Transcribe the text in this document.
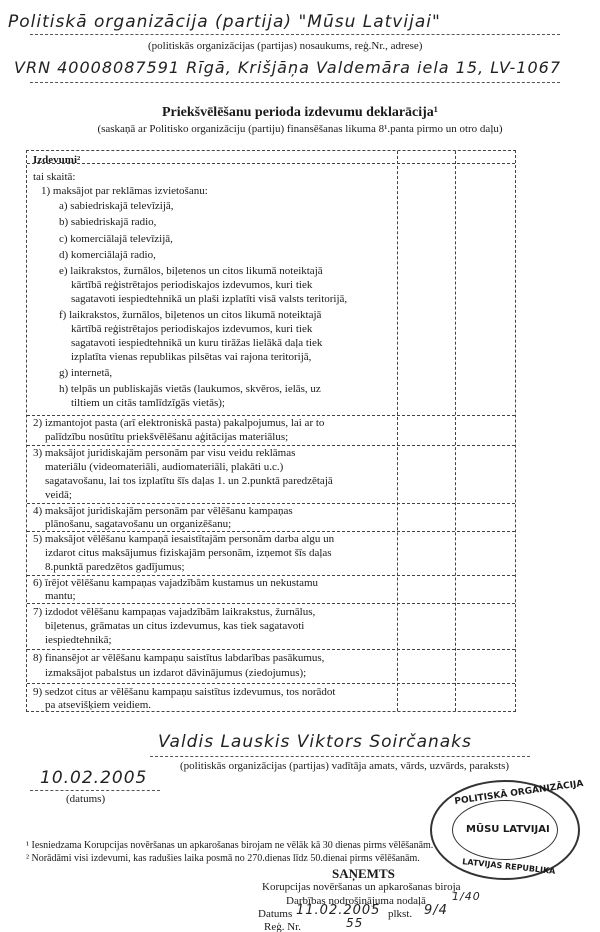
Politiskā organizācija (partija) "Mūsu Latvijai"
(politiskās organizācijas (partijas) nosaukums, reģ.Nr., adrese)
VRN 40008087591 Rīgā, Krišjāņa Valdemāra iela 15, LV-1067
Priekšvēlēšanu perioda izdevumu deklarācija¹
(saskaņā ar Politisko organizāciju (partiju) finansēšanas likuma 8¹.panta pirmo un otro daļu)
Izdevumi²
tai skaitā:
1) maksājot par reklāmas izvietošanu:
a) sabiedriskajā televīzijā,
b) sabiedriskajā radio,
c) komerciālajā televīzijā,
d) komerciālajā radio,
e) laikrakstos, žurnālos, biļetenos un citos likumā noteiktajā
kārtībā reģistrētajos periodiskajos izdevumos, kuri tiek
sagatavoti iespiedtehnikā un plaši izplatīti visā valsts teritorijā,
f) laikrakstos, žurnālos, biļetenos un citos likumā noteiktajā
kārtībā reģistrētajos periodiskajos izdevumos, kuri tiek
sagatavoti iespiedtehnikā un kuru tirāžas lielākā daļa tiek
izplatīta vienas republikas pilsētas vai rajona teritorijā,
g) internetā,
h) telpās un publiskajās vietās (laukumos, skvēros, ielās, uz
tiltiem un citās tamlīdzīgās vietās);
2) izmantojot pasta (arī elektroniskā pasta) pakalpojumus, lai ar to
palīdzību nosūtītu priekšvēlēšanu aģitācijas materiālus;
3) maksājot juridiskajām personām par visu veidu reklāmas
materiālu (videomateriāli, audiomateriāli, plakāti u.c.)
sagatavošanu, lai tos izplatītu šīs daļas 1. un 2.punktā paredzētajā
veidā;
4) maksājot juridiskajām personām par vēlēšanu kampaņas
plānošanu, sagatavošanu un organizēšanu;
5) maksājot vēlēšanu kampaņā iesaistītajām personām darba algu un
izdarot citus maksājumus fiziskajām personām, izņemot šīs daļas
8.punktā paredzētos gadījumus;
6) īrējot vēlēšanu kampaņas vajadzībām kustamus un nekustamu
mantu;
7) izdodot vēlēšanu kampaņas vajadzībām laikrakstus, žurnālus,
biļetenus, grāmatas un citus izdevumus, kas tiek sagatavoti
iespiedtehnikā;
8) finansējot ar vēlēšanu kampaņu saistītus labdarības pasākumus,
izmaksājot pabalstus un izdarot dāvinājumus (ziedojumus);
9) sedzot citus ar vēlēšanu kampaņu saistītus izdevumus, tos norādot
pa atsevišķiem veidiem.
Valdis Lauskis Viktors Soirčanaks
(politiskās organizācijas (partijas) vadītāja amats, vārds, uzvārds, paraksts)
10.02.2005
(datums)	POLITISKĀ ORGANIZĀCIJA
MŪSU LATVIJAI
LATVIJAS REPUBLIKA
¹ Iesniedzama Korupcijas novēršanas un apkarošanas birojam ne vēlāk kā 30 dienas pirms vēlēšanām.
² Norādāmi visi izdevumi, kas radušies laika posmā no 270.dienas līdz 50.dienai pirms vēlēšanām.
SAŅEMTS
Korupcijas novēršanas un apkarošanas biroja
Darbības nodrošinājuma nodaļā 1/40
Datums 11.02.2005 plkst. 9/4
Reģ. Nr.	55
